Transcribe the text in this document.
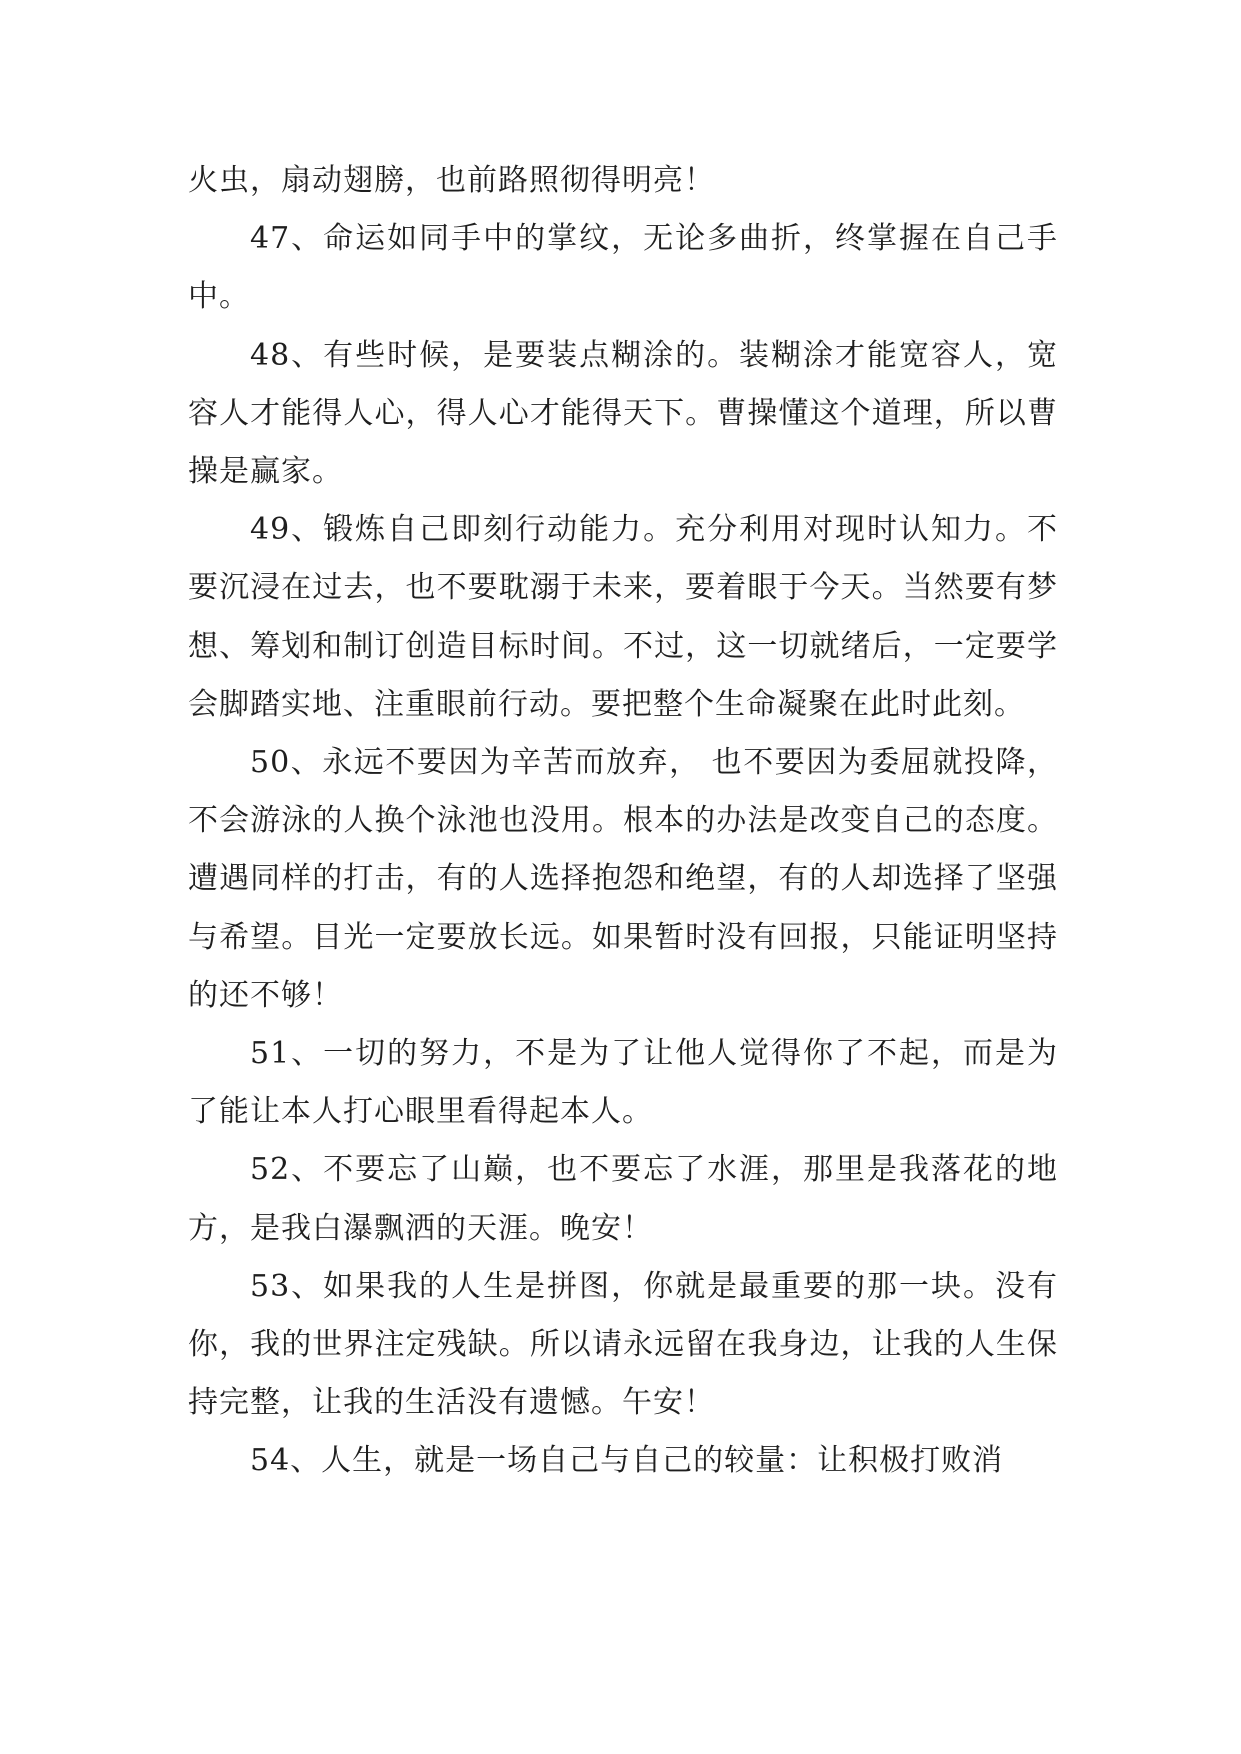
火虫，扇动翅膀，也前路照彻得明亮！

47、命运如同手中的掌纹，无论多曲折，终掌握在自己手中。

48、有些时候，是要装点糊涂的。装糊涂才能宽容人，宽容人才能得人心，得人心才能得天下。曹操懂这个道理，所以曹操是赢家。

49、锻炼自己即刻行动能力。充分利用对现时认知力。不要沉浸在过去，也不要耽溺于未来，要着眼于今天。当然要有梦想、筹划和制订创造目标时间。不过，这一切就绪后，一定要学会脚踏实地、注重眼前行动。要把整个生命凝聚在此时此刻。

50、永远不要因为辛苦而放弃， 也不要因为委屈就投降，不会游泳的人换个泳池也没用。根本的办法是改变自己的态度。遭遇同样的打击，有的人选择抱怨和绝望，有的人却选择了坚强与希望。目光一定要放长远。如果暂时没有回报，只能证明坚持的还不够！

51、一切的努力，不是为了让他人觉得你了不起，而是为了能让本人打心眼里看得起本人。

52、不要忘了山巅，也不要忘了水涯，那里是我落花的地方，是我白瀑飘洒的天涯。晚安！

53、如果我的人生是拼图，你就是最重要的那一块。没有你，我的世界注定残缺。所以请永远留在我身边，让我的人生保持完整，让我的生活没有遗憾。午安！

54、人生，就是一场自己与自己的较量：让积极打败消
